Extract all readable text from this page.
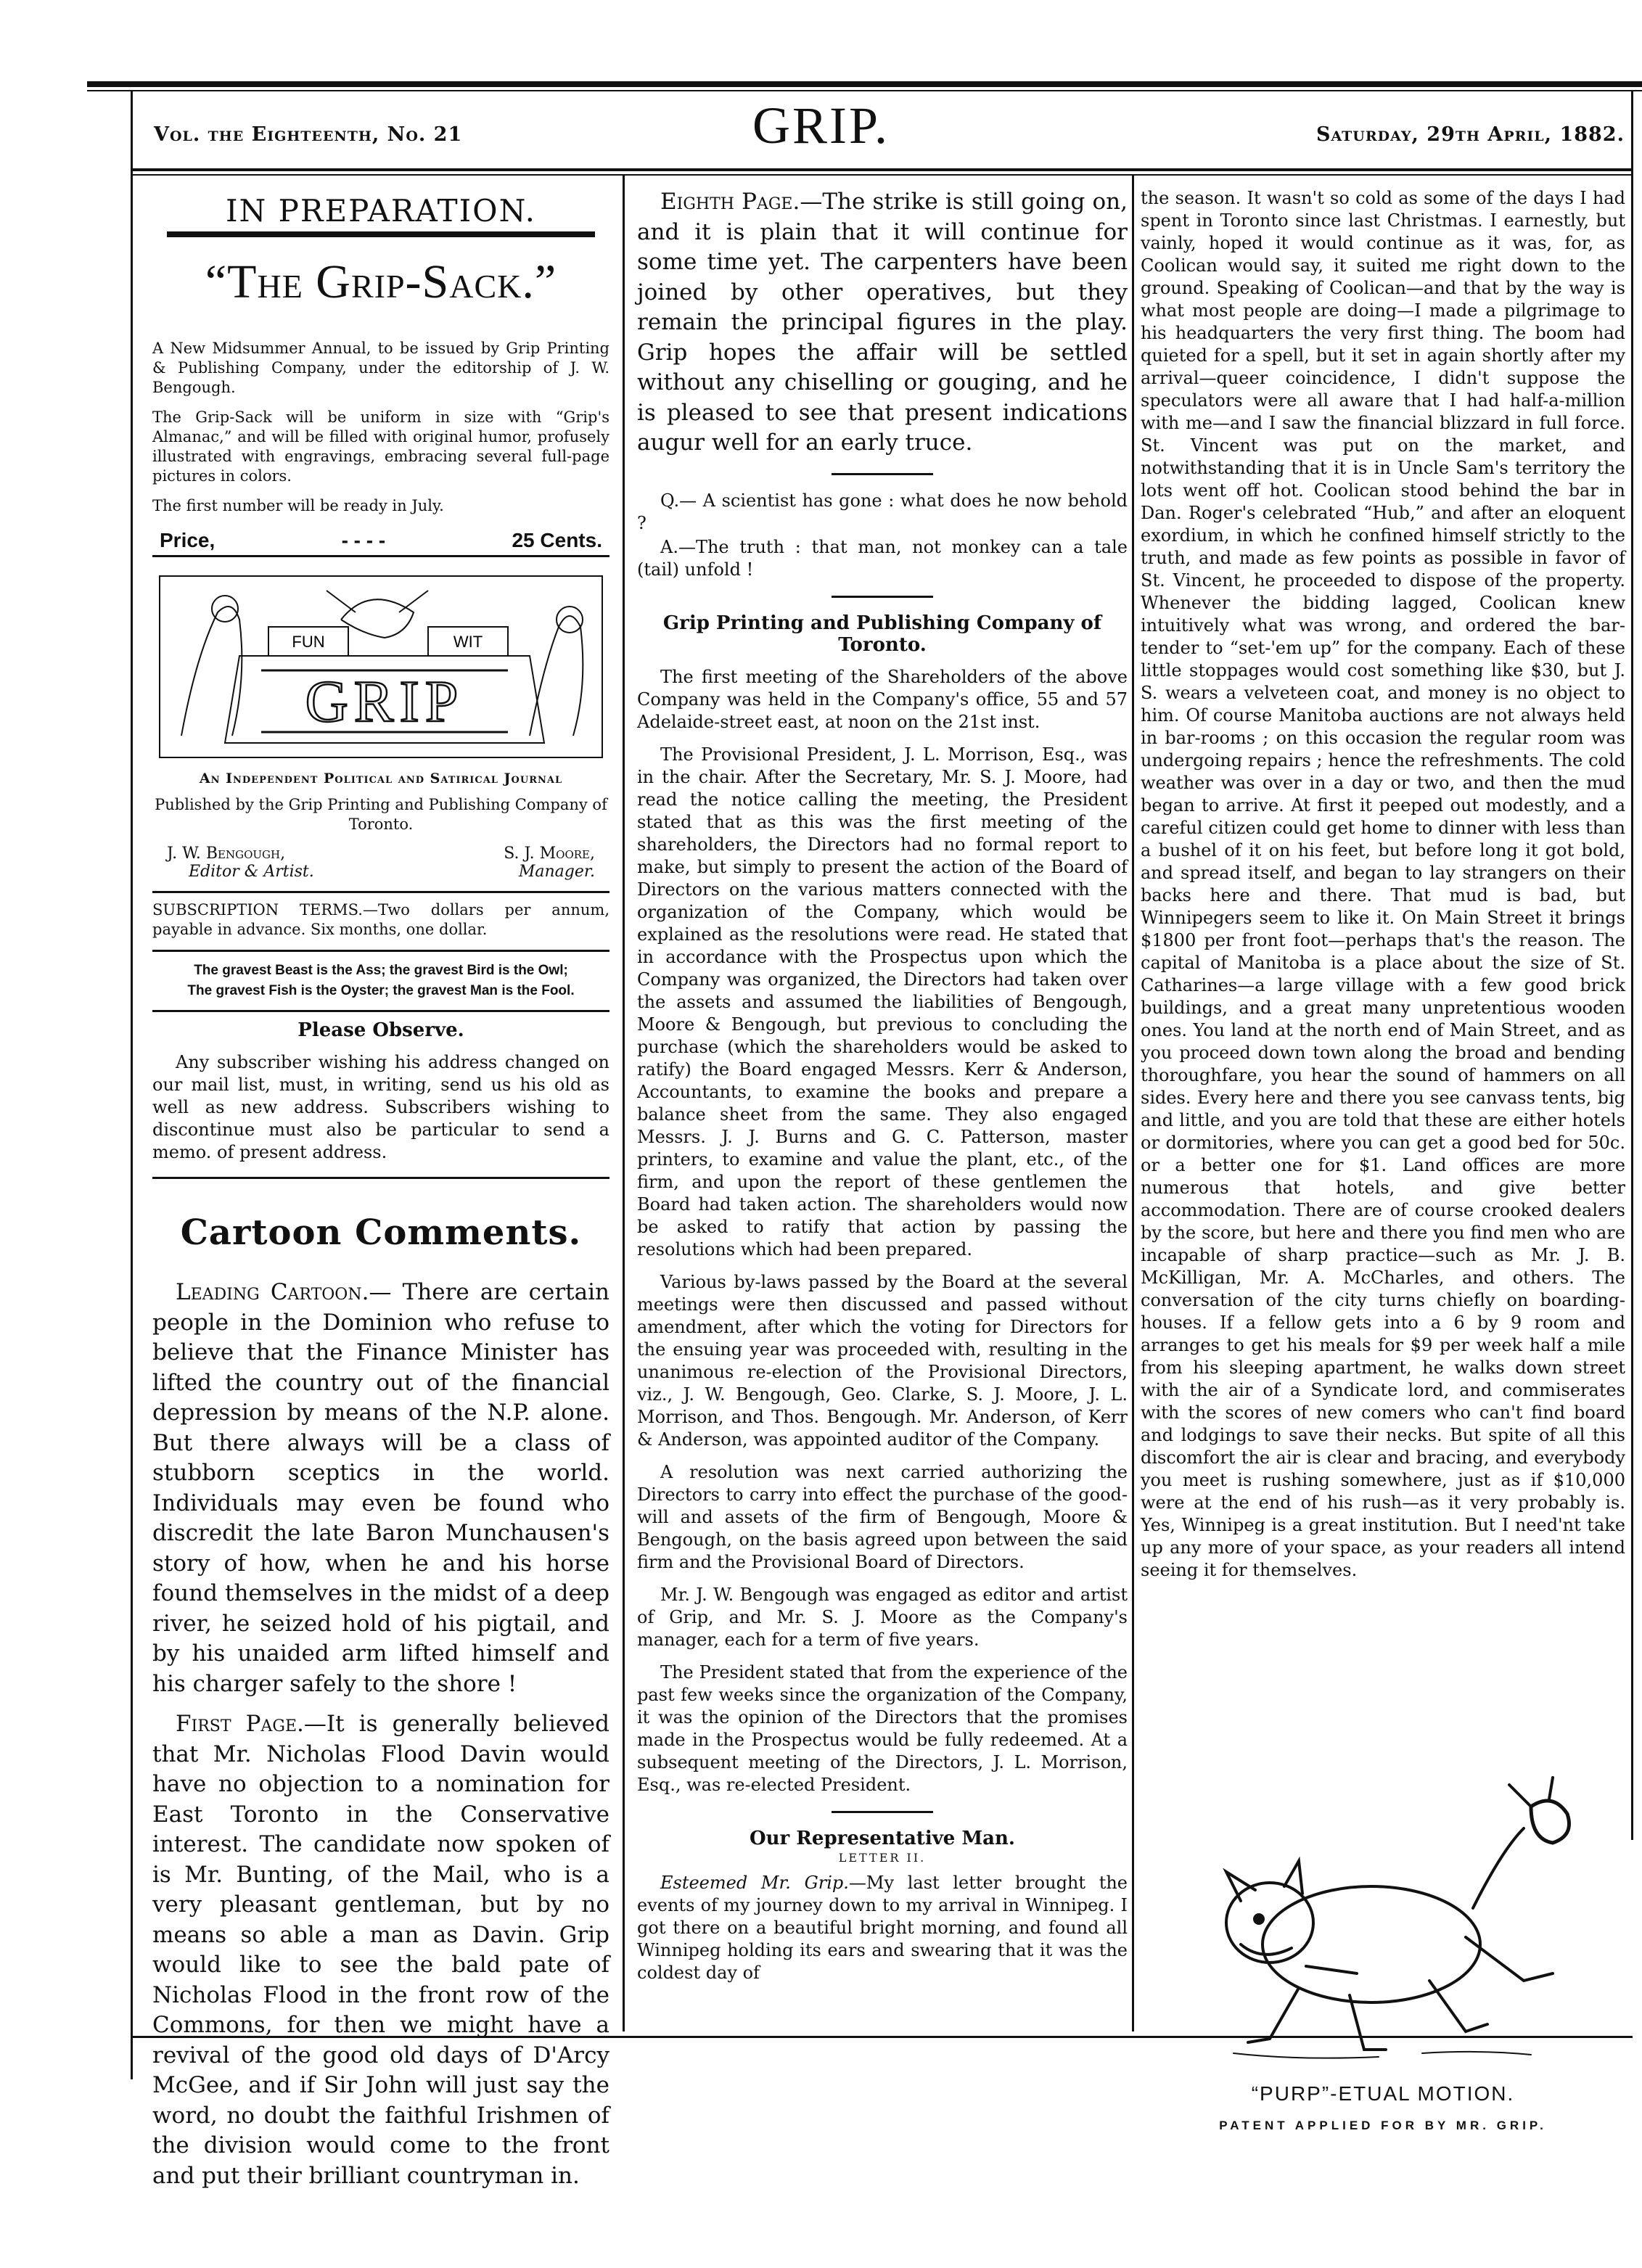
Vol. the Eighteenth, No. 21	GRIP.	Saturday, 29th April, 1882.
IN PREPARATION.
“The Grip-Sack.”

A New Midsummer Annual, to be issued by Grip Printing & Publishing Company, under the editorship of J. W. Bengough.

The Grip-Sack will be uniform in size with “Grip's Almanac,” and will be filled with original humor, profusely illustrated with engravings, embracing several full-page pictures in colors.

The first number will be ready in July.

Price,	- - - -	25 Cents.
FUN	WIT
GRIP
An Independent Political and Satirical Journal

Published by the Grip Printing and Publishing Company of Toronto.

J. W. Bengough,	S. J. Moore,
Editor & Artist.	Manager.

SUBSCRIPTION TERMS.—Two dollars per annum, payable in advance. Six months, one dollar.

The gravest Beast is the Ass; the gravest Bird is the Owl;
The gravest Fish is the Oyster; the gravest Man is the Fool.
Please Observe.

Any subscriber wishing his address changed on our mail list, must, in writing, send us his old as well as new address. Subscribers wishing to discontinue must also be particular to send a memo. of present address.

Cartoon Comments.

Leading Cartoon.— There are certain people in the Dominion who refuse to believe that the Finance Minister has lifted the country out of the financial depression by means of the N.P. alone. But there always will be a class of stubborn sceptics in the world. Individuals may even be found who discredit the late Baron Munchausen's story of how, when he and his horse found themselves in the midst of a deep river, he seized hold of his pigtail, and by his unaided arm lifted himself and his charger safely to the shore !

First Page.—It is generally believed that Mr. Nicholas Flood Davin would have no objection to a nomination for East Toronto in the Conservative interest. The candidate now spoken of is Mr. Bunting, of the Mail, who is a very pleasant gentleman, but by no means so able a man as Davin. Grip would like to see the bald pate of Nicholas Flood in the front row of the Commons, for then we might have a revival of the good old days of D'Arcy McGee, and if Sir John will just say the word, no doubt the faithful Irishmen of the division would come to the front and put their brilliant countryman in.

Eighth Page.—The strike is still going on, and it is plain that it will continue for some time yet. The carpenters have been joined by other operatives, but they remain the principal figures in the play. Grip hopes the affair will be settled without any chiselling or gouging, and he is pleased to see that present indications augur well for an early truce.

Q.— A scientist has gone : what does he now behold ?

A.—The truth : that man, not monkey can a tale (tail) unfold !

Grip Printing and Publishing Company of Toronto.

The first meeting of the Shareholders of the above Company was held in the Company's office, 55 and 57 Adelaide-street east, at noon on the 21st inst.

The Provisional President, J. L. Morrison, Esq., was in the chair. After the Secretary, Mr. S. J. Moore, had read the notice calling the meeting, the President stated that as this was the first meeting of the shareholders, the Directors had no formal report to make, but simply to present the action of the Board of Directors on the various matters connected with the organization of the Company, which would be explained as the resolutions were read. He stated that in accordance with the Prospectus upon which the Company was organized, the Directors had taken over the assets and assumed the liabilities of Bengough, Moore & Bengough, but previous to concluding the purchase (which the shareholders would be asked to ratify) the Board engaged Messrs. Kerr & Anderson, Accountants, to examine the books and prepare a balance sheet from the same. They also engaged Messrs. J. J. Burns and G. C. Patterson, master printers, to examine and value the plant, etc., of the firm, and upon the report of these gentlemen the Board had taken action. The shareholders would now be asked to ratify that action by passing the resolutions which had been prepared.

Various by-laws passed by the Board at the several meetings were then discussed and passed without amendment, after which the voting for Directors for the ensuing year was proceeded with, resulting in the unanimous re-election of the Provisional Directors, viz., J. W. Bengough, Geo. Clarke, S. J. Moore, J. L. Morrison, and Thos. Bengough. Mr. Anderson, of Kerr & Anderson, was appointed auditor of the Company.

A resolution was next carried authorizing the Directors to carry into effect the purchase of the good-will and assets of the firm of Bengough, Moore & Bengough, on the basis agreed upon between the said firm and the Provisional Board of Directors.

Mr. J. W. Bengough was engaged as editor and artist of Grip, and Mr. S. J. Moore as the Company's manager, each for a term of five years.

The President stated that from the experience of the past few weeks since the organization of the Company, it was the opinion of the Directors that the promises made in the Prospectus would be fully redeemed. At a subsequent meeting of the Directors, J. L. Morrison, Esq., was re-elected President.

Our Representative Man.
LETTER II.

Esteemed Mr. Grip.—My last letter brought the events of my journey down to my arrival in Winnipeg. I got there on a beautiful bright morning, and found all Winnipeg holding its ears and swearing that it was the coldest day of

the season. It wasn't so cold as some of the days I had spent in Toronto since last Christmas. I earnestly, but vainly, hoped it would continue as it was, for, as Coolican would say, it suited me right down to the ground. Speaking of Coolican—and that by the way is what most people are doing—I made a pilgrimage to his headquarters the very first thing. The boom had quieted for a spell, but it set in again shortly after my arrival—queer coincidence, I didn't suppose the speculators were all aware that I had half-a-million with me—and I saw the financial blizzard in full force. St. Vincent was put on the market, and notwithstanding that it is in Uncle Sam's territory the lots went off hot. Coolican stood behind the bar in Dan. Roger's celebrated “Hub,” and after an eloquent exordium, in which he confined himself strictly to the truth, and made as few points as possible in favor of St. Vincent, he proceeded to dispose of the property. Whenever the bidding lagged, Coolican knew intuitively what was wrong, and ordered the bar-tender to “set-'em up” for the company. Each of these little stoppages would cost something like $30, but J. S. wears a velveteen coat, and money is no object to him. Of course Manitoba auctions are not always held in bar-rooms ; on this occasion the regular room was undergoing repairs ; hence the refreshments. The cold weather was over in a day or two, and then the mud began to arrive. At first it peeped out modestly, and a careful citizen could get home to dinner with less than a bushel of it on his feet, but before long it got bold, and spread itself, and began to lay strangers on their backs here and there. That mud is bad, but Winnipegers seem to like it. On Main Street it brings $1800 per front foot—perhaps that's the reason. The capital of Manitoba is a place about the size of St. Catharines—a large village with a few good brick buildings, and a great many unpretentious wooden ones. You land at the north end of Main Street, and as you proceed down town along the broad and bending thoroughfare, you hear the sound of hammers on all sides. Every here and there you see canvass tents, big and little, and you are told that these are either hotels or dormitories, where you can get a good bed for 50c. or a better one for $1. Land offices are more numerous that hotels, and give better accommodation. There are of course crooked dealers by the score, but here and there you find men who are incapable of sharp practice—such as Mr. J. B. McKilligan, Mr. A. McCharles, and others. The conversation of the city turns chiefly on boarding-houses. If a fellow gets into a 6 by 9 room and arranges to get his meals for $9 per week half a mile from his sleeping apartment, he walks down street with the air of a Syndicate lord, and commiserates with the scores of new comers who can't find board and lodgings to save their necks. But spite of all this discomfort the air is clear and bracing, and everybody you meet is rushing somewhere, just as if $10,000 were at the end of his rush—as it very probably is. Yes, Winnipeg is a great institution. But I need'nt take up any more of your space, as your readers all intend seeing it for themselves.

“PURP”-ETUAL MOTION.
PATENT APPLIED FOR BY MR. GRIP.
